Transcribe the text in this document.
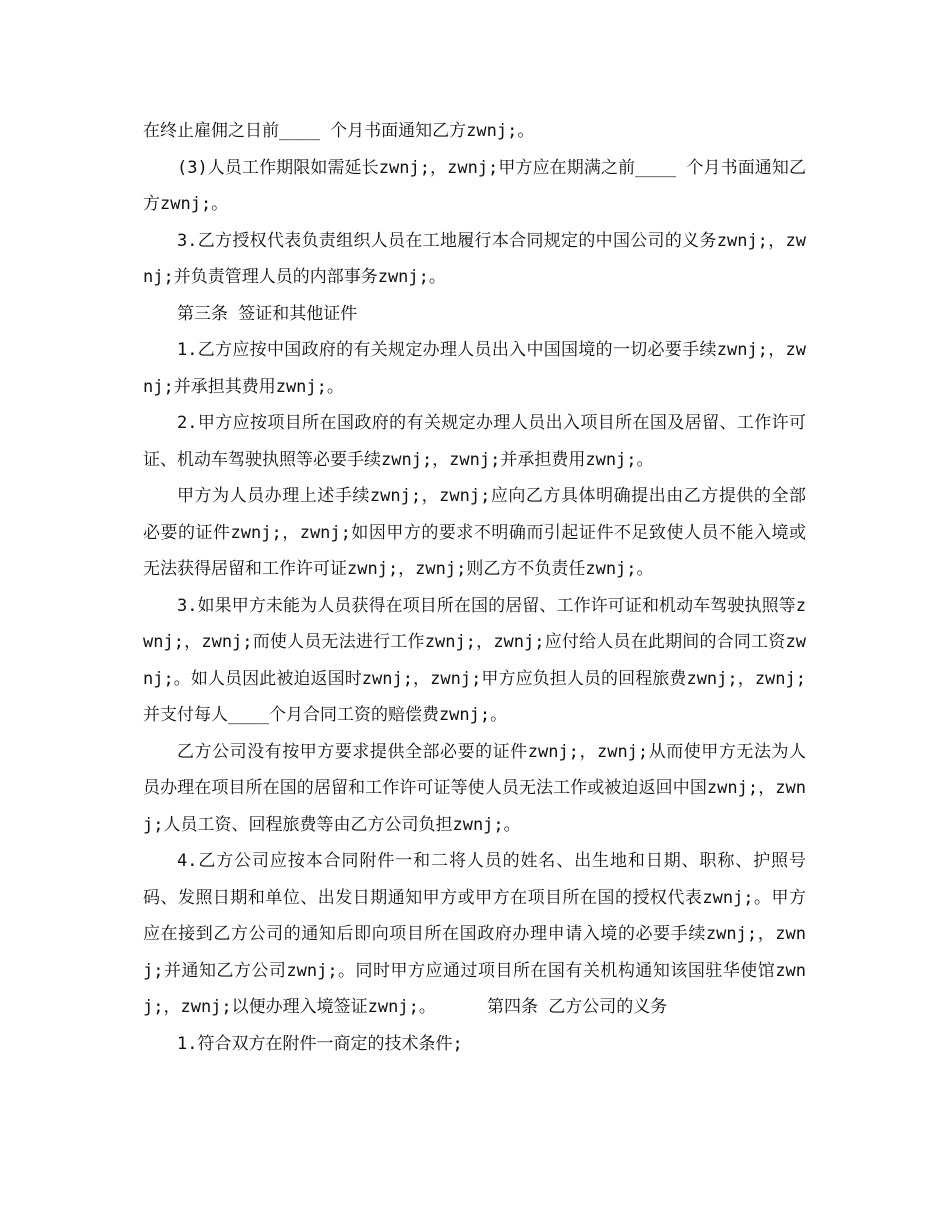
在终止雇佣之日前____ 个月书面通知乙方zwnj;。

(3)人员工作期限如需延长zwnj;，zwnj;甲方应在期满之前____ 个月书面通知乙方zwnj;。

3.乙方授权代表负责组织人员在工地履行本合同规定的中国公司的义务zwnj;，zwnj;并负责管理人员的内部事务zwnj;。

第三条 签证和其他证件

1.乙方应按中国政府的有关规定办理人员出入中国国境的一切必要手续zwnj;，zwnj;并承担其费用zwnj;。

2.甲方应按项目所在国政府的有关规定办理人员出入项目所在国及居留、工作许可证、机动车驾驶执照等必要手续zwnj;，zwnj;并承担费用zwnj;。

甲方为人员办理上述手续zwnj;，zwnj;应向乙方具体明确提出由乙方提供的全部必要的证件zwnj;，zwnj;如因甲方的要求不明确而引起证件不足致使人员不能入境或无法获得居留和工作许可证zwnj;，zwnj;则乙方不负责任zwnj;。

3.如果甲方未能为人员获得在项目所在国的居留、工作许可证和机动车驾驶执照等zwnj;，zwnj;而使人员无法进行工作zwnj;，zwnj;应付给人员在此期间的合同工资zwnj;。如人员因此被迫返国时zwnj;，zwnj;甲方应负担人员的回程旅费zwnj;，zwnj;并支付每人____个月合同工资的赔偿费zwnj;。

乙方公司没有按甲方要求提供全部必要的证件zwnj;，zwnj;从而使甲方无法为人员办理在项目所在国的居留和工作许可证等使人员无法工作或被迫返回中国zwnj;，zwnj;人员工资、回程旅费等由乙方公司负担zwnj;。

4.乙方公司应按本合同附件一和二将人员的姓名、出生地和日期、职称、护照号码、发照日期和单位、出发日期通知甲方或甲方在项目所在国的授权代表zwnj;。甲方应在接到乙方公司的通知后即向项目所在国政府办理申请入境的必要手续zwnj;，zwnj;并通知乙方公司zwnj;。同时甲方应通过项目所在国有关机构通知该国驻华使馆zwnj;，zwnj;以便办理入境签证zwnj;。     第四条 乙方公司的义务

1.符合双方在附件一商定的技术条件;
